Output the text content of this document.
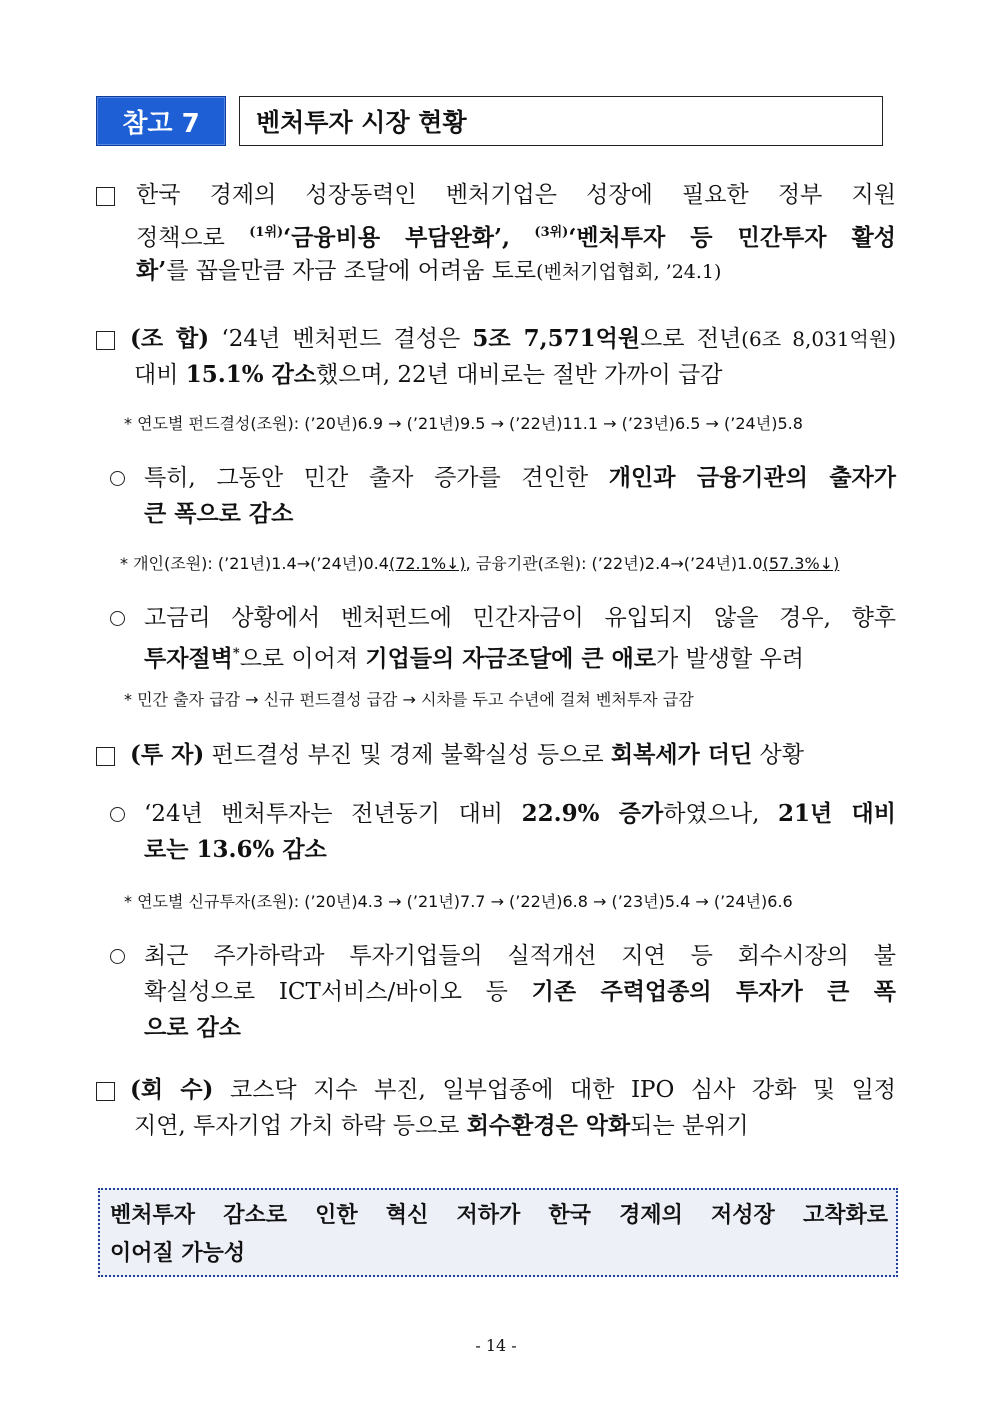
참고 7	벤처투자 시장 현황
한국 경제의 성장동력인 벤처기업은 성장에 필요한 정부 지원
정책으로 $^{(1위)}$‘금융비용 부담완화’, $^{(3위)}$‘벤처투자 등 민간투자 활성
화’를 꼽을만큼 자금 조달에 어려움 토로(벤처기업협회, ’24.1)
(조 합) ‘24년 벤처펀드 결성은 5조 7,571억원으로 전년(6조 8,031억원)
대비 15.1% 감소했으며, 22년 대비로는 절반 가까이 급감
* 연도별 펀드결성(조원): (’20년)6.9 → (’21년)9.5 → (’22년)11.1 → (’23년)6.5 → (’24년)5.8
특히, 그동안 민간 출자 증가를 견인한 개인과 금융기관의 출자가
큰 폭으로 감소
* 개인(조원): (’21년)1.4→(’24년)0.4(72.1%↓), 금융기관(조원): (’22년)2.4→(’24년)1.0(57.3%↓)
고금리 상황에서 벤처펀드에 민간자금이 유입되지 않을 경우, 향후
투자절벽*으로 이어져 기업들의 자금조달에 큰 애로가 발생할 우려
* 민간 출자 급감 → 신규 펀드결성 급감 → 시차를 두고 수년에 걸쳐 벤처투자 급감
(투 자) 펀드결성 부진 및 경제 불확실성 등으로 회복세가 더딘 상황
‘24년 벤처투자는 전년동기 대비 22.9% 증가하였으나, 21년 대비
로는 13.6% 감소
* 연도별 신규투자(조원): (’20년)4.3 → (’21년)7.7 → (’22년)6.8 → (’23년)5.4 → (’24년)6.6
최근 주가하락과 투자기업들의 실적개선 지연 등 회수시장의 불
확실성으로 ICT서비스/바이오 등 기존 주력업종의 투자가 큰 폭
으로 감소
(회 수) 코스닥 지수 부진, 일부업종에 대한 IPO 심사 강화 및 일정
지연, 투자기업 가치 하락 등으로 회수환경은 악화되는 분위기
벤처투자 감소로 인한 혁신 저하가 한국 경제의 저성장 고착화로
이어질 가능성
- 14 -
